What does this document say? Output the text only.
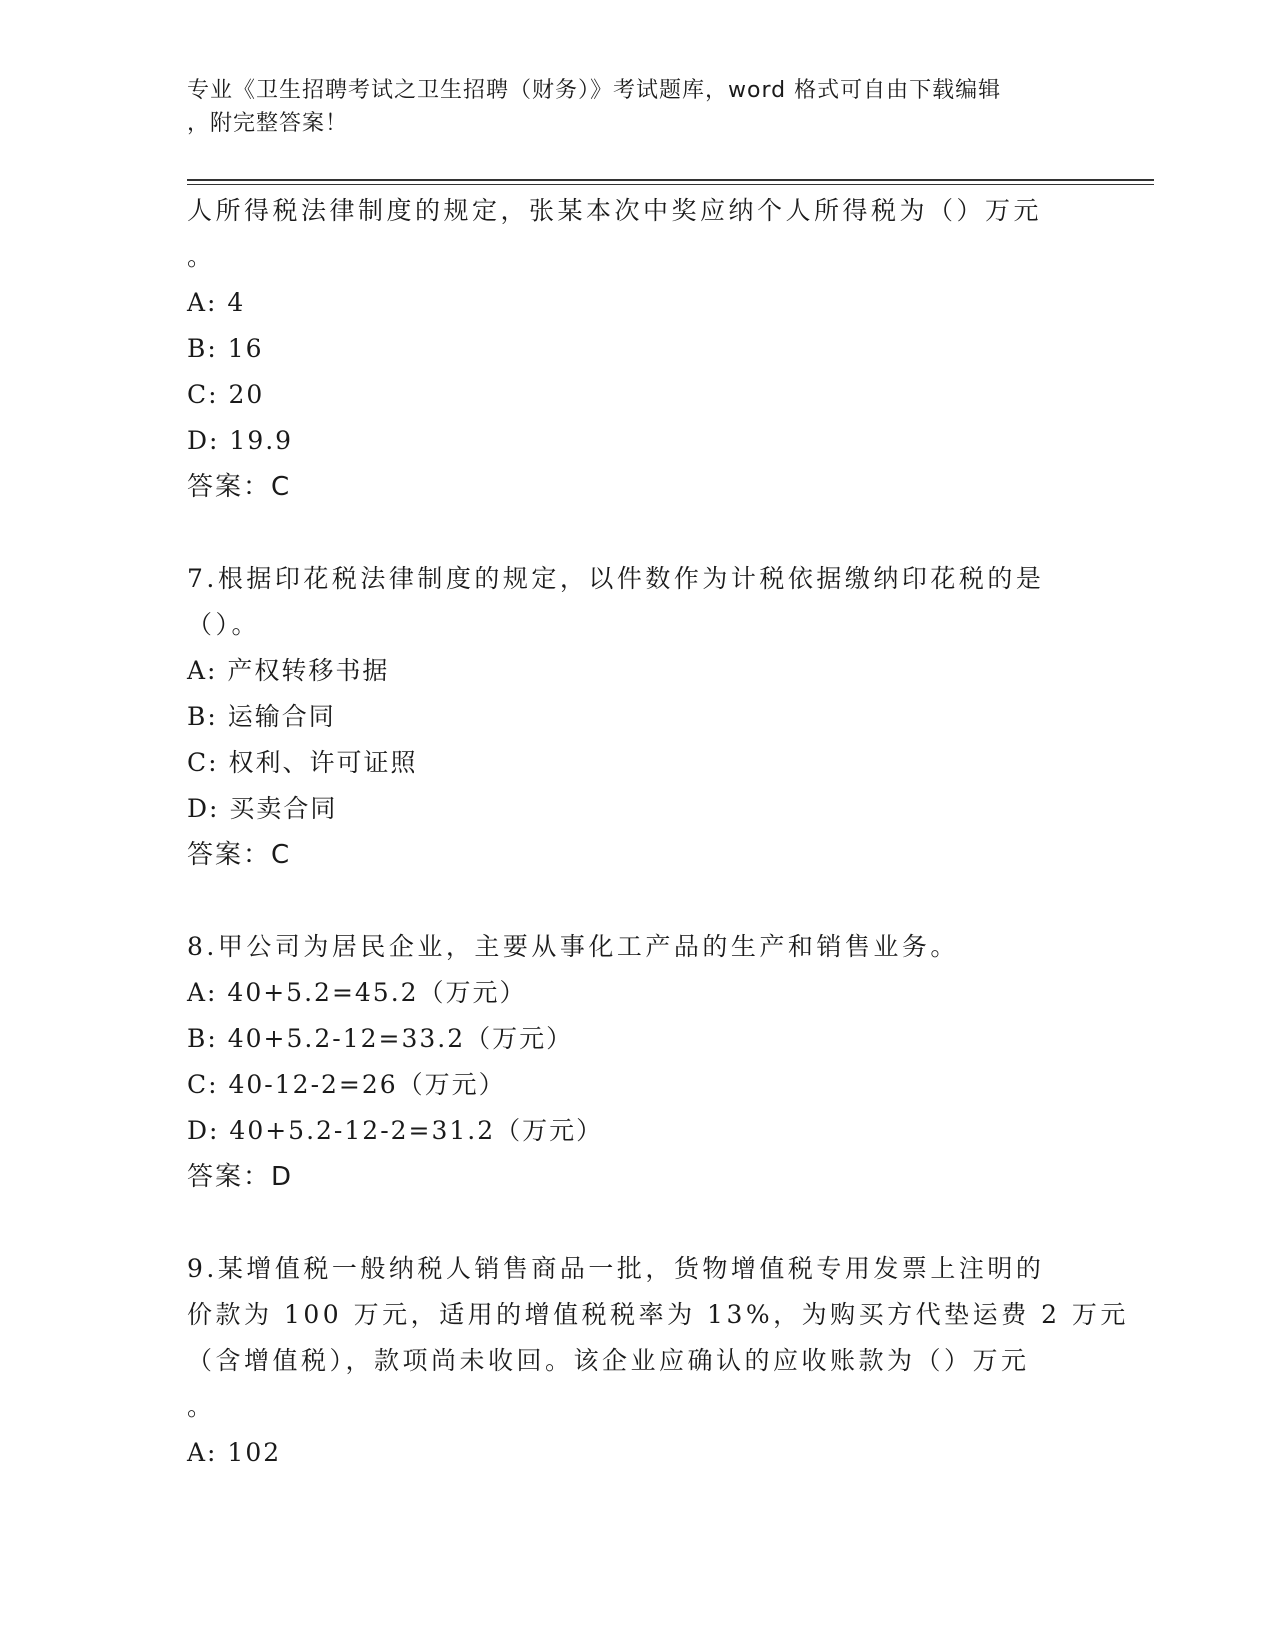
专业《卫生招聘考试之卫生招聘（财务）》考试题库，word 格式可自由下载编辑
，附完整答案！
人所得税法律制度的规定，张某本次中奖应纳个人所得税为（）万元
。
A: 4
B: 16
C: 20
D: 19.9
答案：C
7.根据印花税法律制度的规定，以件数作为计税依据缴纳印花税的是
（）。
A: 产权转移书据
B: 运输合同
C: 权利、许可证照
D: 买卖合同
答案：C
8.甲公司为居民企业，主要从事化工产品的生产和销售业务。
A: 40+5.2=45.2（万元）
B: 40+5.2-12=33.2（万元）
C: 40-12-2=26（万元）
D: 40+5.2-12-2=31.2（万元）
答案：D
9.某增值税一般纳税人销售商品一批，货物增值税专用发票上注明的
价款为 100 万元，适用的增值税税率为 13%，为购买方代垫运费 2 万元
（含增值税），款项尚未收回。该企业应确认的应收账款为（）万元
。
A: 102
